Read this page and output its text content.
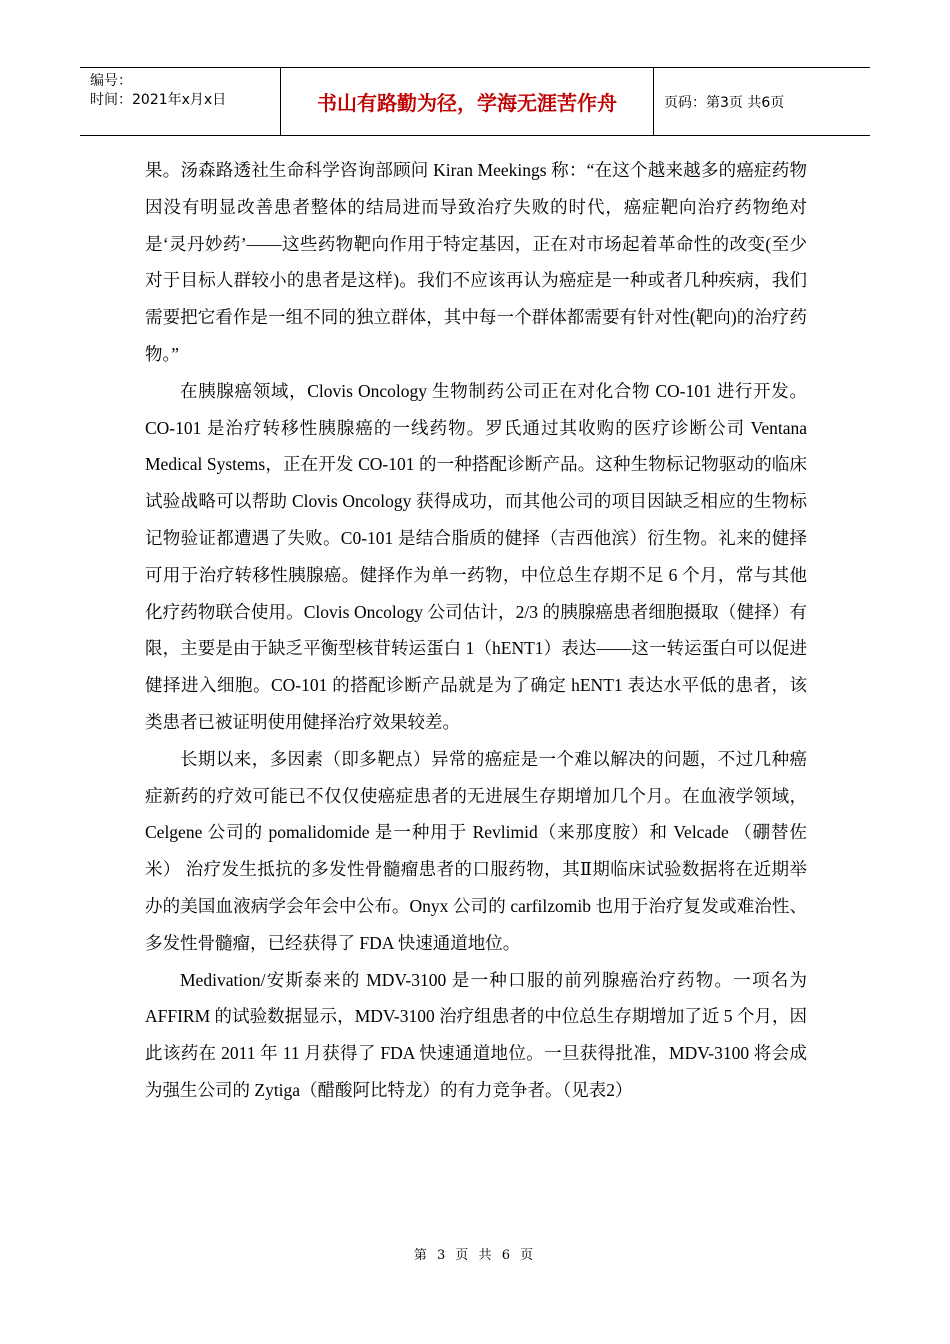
编号：
时间：2021年x月x日	书山有路勤为径，学海无涯苦作舟	页码：第3页 共6页

果。汤森路透社生命科学咨询部顾问 Kiran Meekings 称：“在这个越来越多的癌症药物因没有明显改善患者整体的结局进而导致治疗失败的时代，癌症靶向治疗药物绝对是‘灵丹妙药’——这些药物靶向作用于特定基因，正在对市场起着革命性的改变(至少对于目标人群较小的患者是这样)。我们不应该再认为癌症是一种或者几种疾病，我们需要把它看作是一组不同的独立群体，其中每一个群体都需要有针对性(靶向)的治疗药物。”

在胰腺癌领域，Clovis Oncology 生物制药公司正在对化合物 CO-101 进行开发。CO-101 是治疗转移性胰腺癌的一线药物。罗氏通过其收购的医疗诊断公司 Ventana Medical Systems，正在开发 CO-101 的一种搭配诊断产品。这种生物标记物驱动的临床试验战略可以帮助 Clovis Oncology 获得成功，而其他公司的项目因缺乏相应的生物标记物验证都遭遇了失败。C0-101 是结合脂质的健择（吉西他滨）衍生物。礼来的健择可用于治疗转移性胰腺癌。健择作为单一药物，中位总生存期不足 6 个月，常与其他化疗药物联合使用。Clovis Oncology 公司估计，2/3 的胰腺癌患者细胞摄取（健择）有限，主要是由于缺乏平衡型核苷转运蛋白 1（hENT1）表达——这一转运蛋白可以促进健择进入细胞。CO-101 的搭配诊断产品就是为了确定 hENT1 表达水平低的患者，该类患者已被证明使用健择治疗效果较差。

长期以来，多因素（即多靶点）异常的癌症是一个难以解决的问题，不过几种癌症新药的疗效可能已不仅仅使癌症患者的无进展生存期增加几个月。在血液学领域，Celgene 公司的 pomalidomide 是一种用于 Revlimid（来那度胺）和 Velcade （硼替佐米） 治疗发生抵抗的多发性骨髓瘤患者的口服药物，其Ⅱ期临床试验数据将在近期举办的美国血液病学会年会中公布。Onyx 公司的 carfilzomib 也用于治疗复发或难治性、多发性骨髓瘤，已经获得了 FDA 快速通道地位。

Medivation/安斯泰来的 MDV-3100 是一种口服的前列腺癌治疗药物。一项名为 AFFIRM 的试验数据显示，MDV-3100 治疗组患者的中位总生存期增加了近 5 个月，因此该药在 2011 年 11 月获得了 FDA 快速通道地位。一旦获得批准，MDV-3100 将会成为强生公司的 Zytiga（醋酸阿比特龙）的有力竞争者。（见表2）

第 3 页 共 6 页
